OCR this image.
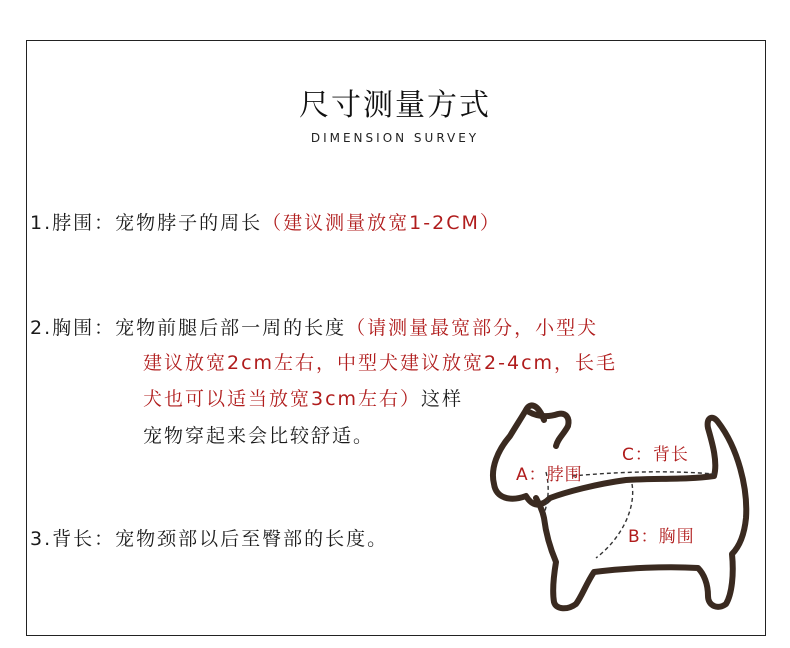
尺寸测量方式
DIMENSION SURVEY
1.脖围：宠物脖子的周长（建议测量放宽1-2CM）
2.胸围：宠物前腿后部一周的长度（请测量最宽部分，小型犬
建议放宽2cm左右，中型犬建议放宽2-4cm，长毛
犬也可以适当放宽3cm左右）这样
宠物穿起来会比较舒适。
3.背长：宠物颈部以后至臀部的长度。
A：脖围
C：背长
B：胸围
